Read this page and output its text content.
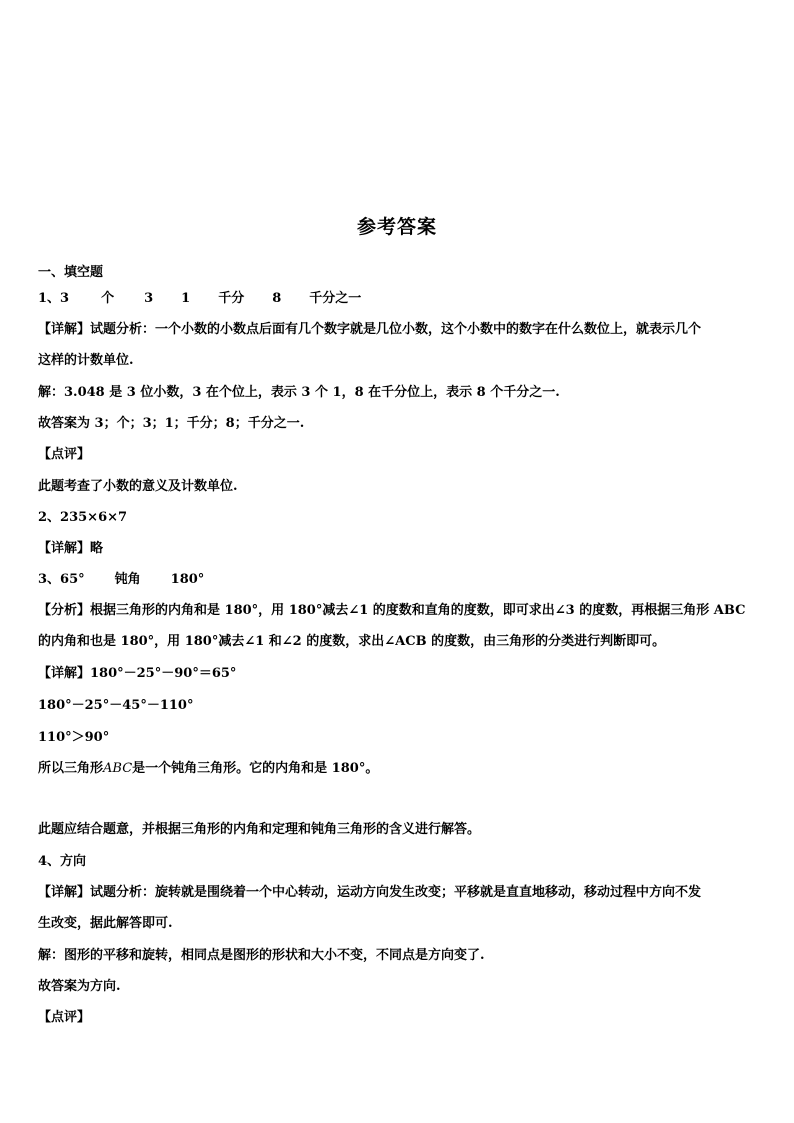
参考答案
一、填空题
1、3 个 3 1 千分 8 千分之一
【详解】试题分析：一个小数的小数点后面有几个数字就是几位小数，这个小数中的数字在什么数位上，就表示几个
这样的计数单位.
解：3.048 是 3 位小数，3 在个位上，表示 3 个 1，8 在千分位上，表示 8 个千分之一.
故答案为 3；个；3；1；千分；8；千分之一.
【点评】
此题考查了小数的意义及计数单位.
2、235×6×7
【详解】略
3、65° 钝角 180°
【分析】根据三角形的内角和是 180°，用 180°减去∠1 的度数和直角的度数，即可求出∠3 的度数，再根据三角形 ABC
的内角和也是 180°，用 180°减去∠1 和∠2 的度数，求出∠ACB 的度数，由三角形的分类进行判断即可。
【详解】180°－25°－90°＝65°
180°－25°－45°－110°
110°＞90°
所以三角形ABC是一个钝角三角形。它的内角和是 180°。
此题应结合题意，并根据三角形的内角和定理和钝角三角形的含义进行解答。
4、方向
【详解】试题分析：旋转就是围绕着一个中心转动，运动方向发生改变；平移就是直直地移动，移动过程中方向不发
生改变，据此解答即可.
解：图形的平移和旋转，相同点是图形的形状和大小不变，不同点是方向变了.
故答案为方向.
【点评】
